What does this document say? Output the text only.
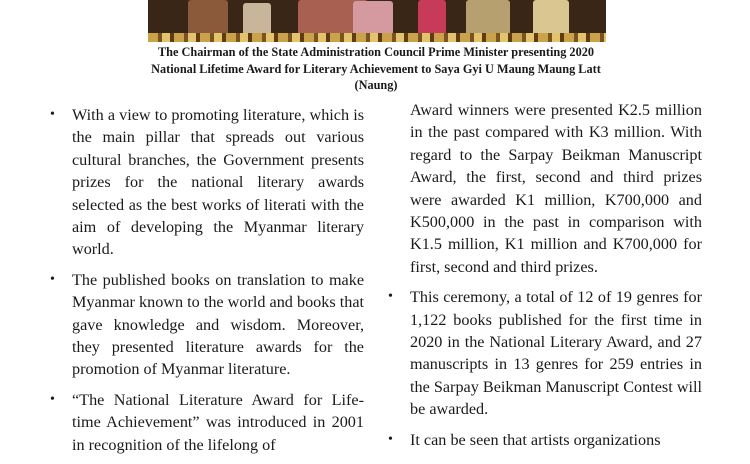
The Chairman of the State Administration Council Prime Minister presenting 2020 National Lifetime Award for Literary Achievement to Saya Gyi U Maung Maung Latt (Naung)
• With a view to promoting literature, which is the main pillar that spreads out various cultural branches, the Government presents prizes for the national literary awards selected as the best works of literati with the aim of developing the Myanmar literary world.
• The published books on translation to make Myanmar known to the world and books that gave knowledge and wisdom. Moreover, they presented literature awards for the promotion of Myanmar literature.
• “The National Literature Award for Life-time Achievement” was introduced in 2001 in recognition of the lifelong of
Award winners were presented K2.5 million in the past compared with K3 million. With regard to the Sarpay Beikman Manuscript Award, the first, second and third prizes were awarded K1 million, K700,000 and K500,000 in the past in comparison with K1.5 million, K1 million and K700,000 for first, second and third prizes.
• This ceremony, a total of 12 of 19 genres for 1,122 books published for the first time in 2020 in the National Literary Award, and 27 manuscripts in 13 genres for 259 entries in the Sarpay Beikman Manuscript Contest will be awarded.
• It can be seen that artists organizations
